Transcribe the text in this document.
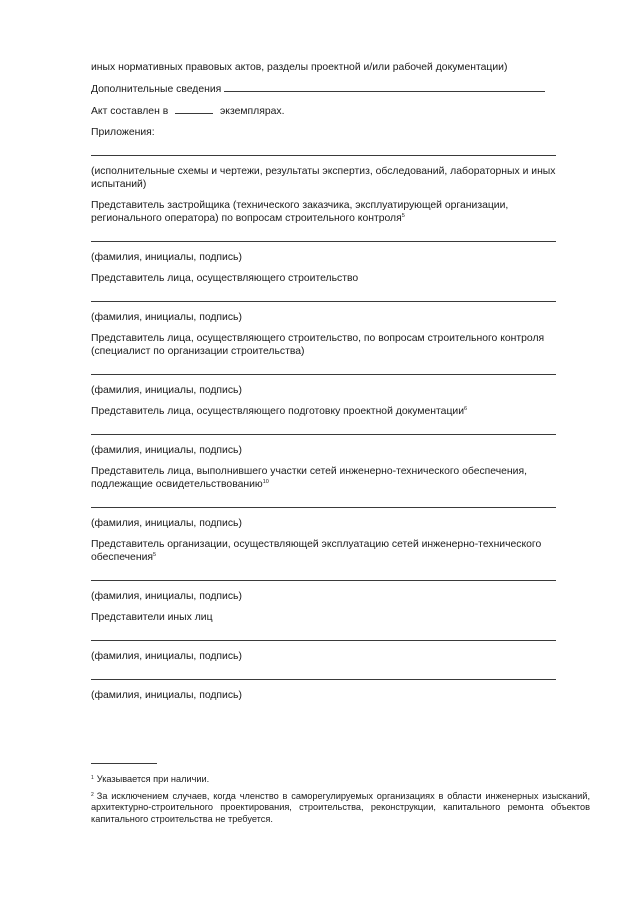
иных нормативных правовых актов, разделы проектной и/или рабочей документации)

Дополнительные сведения

Акт составлен в	экземплярах.

Приложения:

(исполнительные схемы и чертежи, результаты экспертиз, обследований, лабораторных и иных испытаний)

Представитель застройщика (технического заказчика, эксплуатирующей организации, регионального оператора) по вопросам строительного контроля$^5$

(фамилия, инициалы, подпись)

Представитель лица, осуществляющего строительство

(фамилия, инициалы, подпись)

Представитель лица, осуществляющего строительство, по вопросам строительного контроля (специалист по организации строительства)

(фамилия, инициалы, подпись)

Представитель лица, осуществляющего подготовку проектной документации$^6$

(фамилия, инициалы, подпись)

Представитель лица, выполнившего участки сетей инженерно-технического обеспечения, подлежащие освидетельствованию$^{10}$

(фамилия, инициалы, подпись)

Представитель организации, осуществляющей эксплуатацию сетей инженерно-технического обеспечения$^5$

(фамилия, инициалы, подпись)

Представители иных лиц

(фамилия, инициалы, подпись)

(фамилия, инициалы, подпись)

$^1$ Указывается при наличии.

$^2$ За исключением случаев, когда членство в саморегулируемых организациях в области инженерных изысканий, архитектурно-строительного проектирования, строительства, реконструкции, капитального ремонта объектов капитального строительства не требуется.
